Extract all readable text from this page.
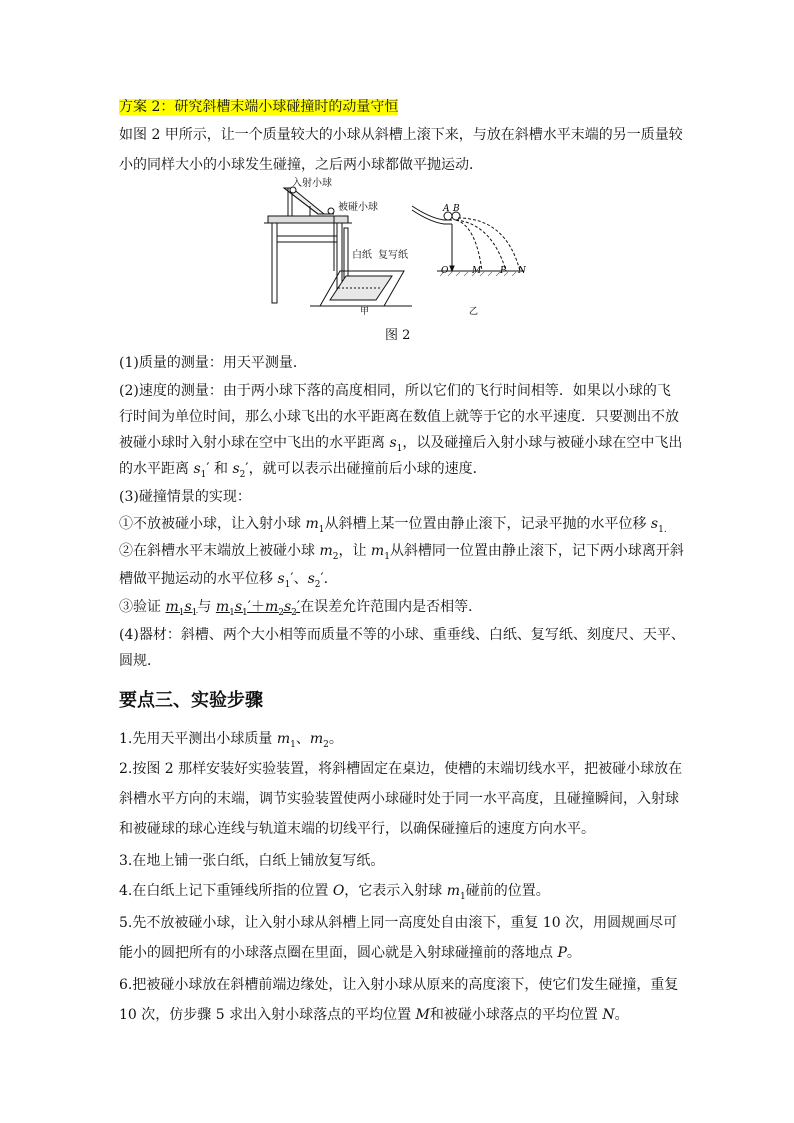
方案 2：研究斜槽末端小球碰撞时的动量守恒
如图 2 甲所示，让一个质量较大的小球从斜槽上滚下来，与放在斜槽水平末端的另一质量较
小的同样大小的小球发生碰撞，之后两小球都做平抛运动．
甲
A B
O	M P N
乙
入射小球
被碰小球
白纸 复写纸
图 2
(1)质量的测量：用天平测量．
(2)速度的测量：由于两小球下落的高度相同，所以它们的飞行时间相等．如果以小球的飞
行时间为单位时间，那么小球飞出的水平距离在数值上就等于它的水平速度．只要测出不放
被碰小球时入射小球在空中飞出的水平距离 $s_1$，以及碰撞后入射小球与被碰小球在空中飞出
的水平距离 $s_1'$ 和 $s_2'$，就可以表示出碰撞前后小球的速度．
(3)碰撞情景的实现：
①不放被碰小球，让入射小球 $m_1$从斜槽上某一位置由静止滚下，记录平抛的水平位移 $s_{1.}$
②在斜槽水平末端放上被碰小球 $m_2$，让 $m_1$从斜槽同一位置由静止滚下，记下两小球离开斜
槽做平抛运动的水平位移 $s_1'$、$s_2'$.
③验证 $m_1s_1$与 $m_1s_1'+m_2s_2'$在误差允许范围内是否相等．
(4)器材：斜槽、两个大小相等而质量不等的小球、重垂线、白纸、复写纸、刻度尺、天平、
圆规．
要点三、实验步骤
1.先用天平测出小球质量 $m_1$、$m_2$。
2.按图 2 那样安装好实验装置，将斜槽固定在桌边，使槽的末端切线水平，把被碰小球放在
斜槽水平方向的末端，调节实验装置使两小球碰时处于同一水平高度，且碰撞瞬间，入射球
和被碰球的球心连线与轨道末端的切线平行，以确保碰撞后的速度方向水平。
3.在地上铺一张白纸，白纸上铺放复写纸。
4.在白纸上记下重锤线所指的位置 O，它表示入射球 $m_1$碰前的位置。
5.先不放被碰小球，让入射小球从斜槽上同一高度处自由滚下，重复 10 次，用圆规画尽可
能小的圆把所有的小球落点圈在里面，圆心就是入射球碰撞前的落地点 P。
6.把被碰小球放在斜槽前端边缘处，让入射小球从原来的高度滚下，使它们发生碰撞，重复
10 次，仿步骤 5 求出入射小球落点的平均位置 M和被碰小球落点的平均位置 N。
